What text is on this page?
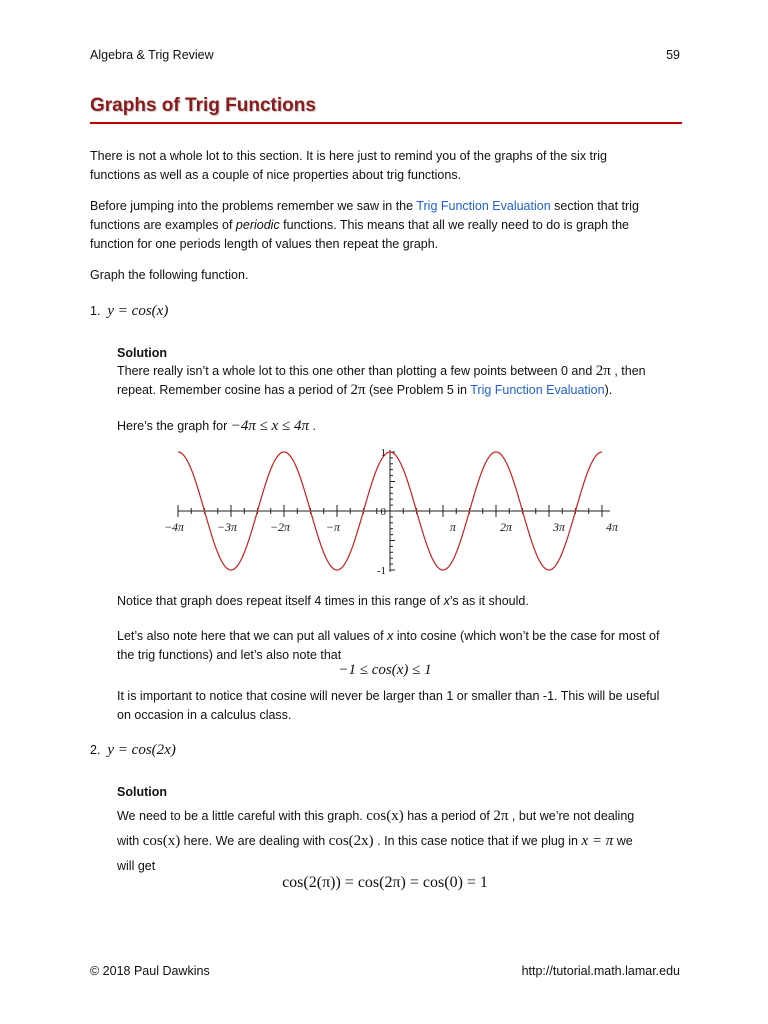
Algebra & Trig Review	59
Graphs of Trig Functions
There is not a whole lot to this section. It is here just to remind you of the graphs of the six trig
functions as well as a couple of nice properties about trig functions.
Before jumping into the problems remember we saw in the Trig Function Evaluation section that trig
functions are examples of periodic functions. This means that all we really need to do is graph the
function for one periods length of values then repeat the graph.
Graph the following function.
1. y = cos(x)
Solution
There really isn’t a whole lot to this one other than plotting a few points between 0 and 2π , then
repeat. Remember cosine has a period of 2π (see Problem 5 in Trig Function Evaluation).
Here’s the graph for −4π ≤ x ≤ 4π .
−4π	−3π	−2π	−π	π	2π	3π	4π
1
0
-1
Notice that graph does repeat itself 4 times in this range of x’s as it should.
Let’s also note here that we can put all values of x into cosine (which won’t be the case for most of
the trig functions) and let’s also note that
−1 ≤ cos(x) ≤ 1
It is important to notice that cosine will never be larger than 1 or smaller than -1. This will be useful
on occasion in a calculus class.
2. y = cos(2x)
Solution
We need to be a little careful with this graph. cos(x) has a period of 2π , but we’re not dealing
with cos(x) here. We are dealing with cos(2x) . In this case notice that if we plug in x = π we
will get
cos(2(π)) = cos(2π) = cos(0) = 1
© 2018 Paul Dawkins	http://tutorial.math.lamar.edu
